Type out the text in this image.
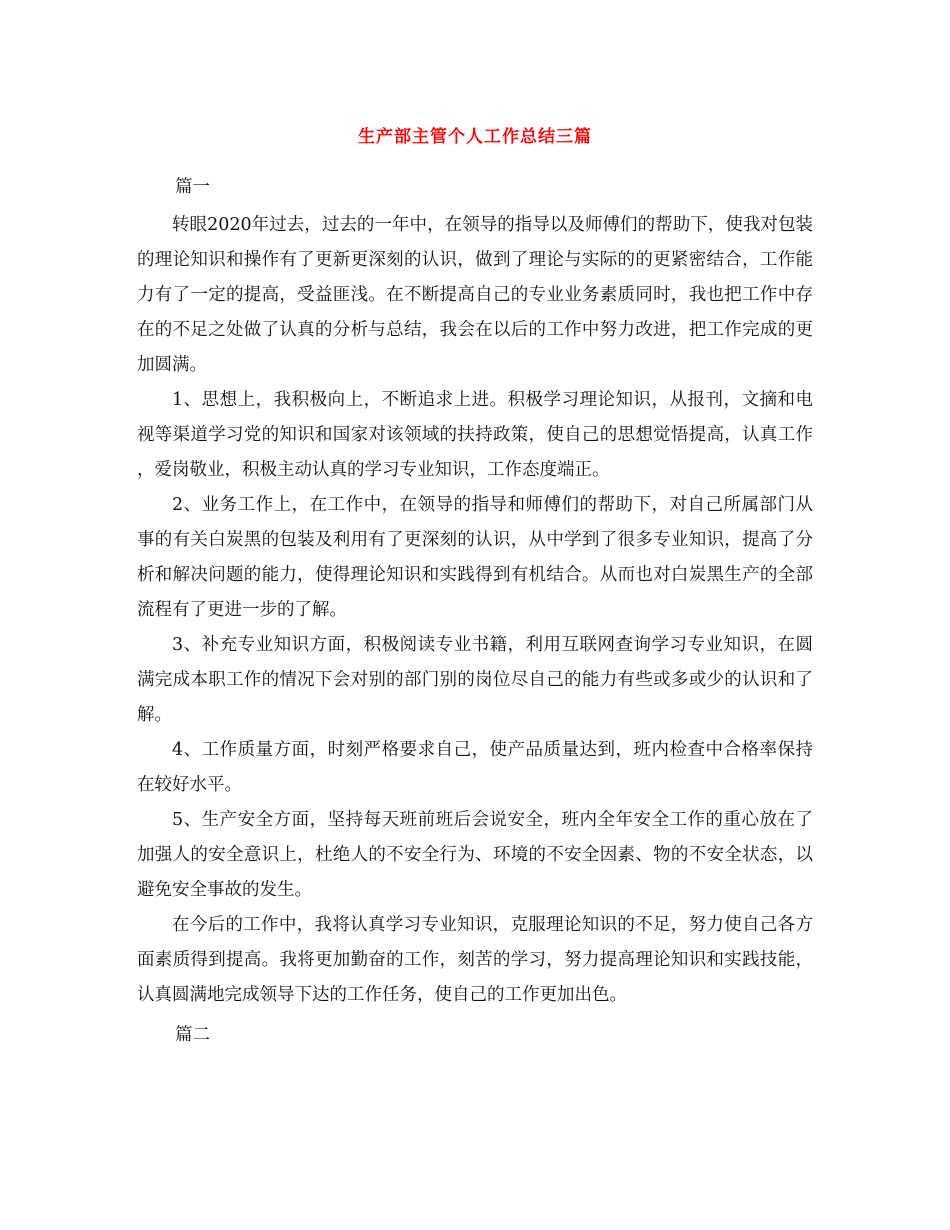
生产部主管个人工作总结三篇

篇一

转眼2020年过去，过去的一年中，在领导的指导以及师傅们的帮助下，使我对包装的理论知识和操作有了更新更深刻的认识，做到了理论与实际的的更紧密结合，工作能力有了一定的提高，受益匪浅。在不断提高自己的专业业务素质同时，我也把工作中存在的不足之处做了认真的分析与总结，我会在以后的工作中努力改进，把工作完成的更加圆满。

1、思想上，我积极向上，不断追求上进。积极学习理论知识，从报刊，文摘和电视等渠道学习党的知识和国家对该领域的扶持政策，使自己的思想觉悟提高，认真工作，爱岗敬业，积极主动认真的学习专业知识，工作态度端正。

2、业务工作上，在工作中，在领导的指导和师傅们的帮助下，对自己所属部门从事的有关白炭黑的包装及利用有了更深刻的认识，从中学到了很多专业知识，提高了分析和解决问题的能力，使得理论知识和实践得到有机结合。从而也对白炭黑生产的全部流程有了更进一步的了解。

3、补充专业知识方面，积极阅读专业书籍，利用互联网查询学习专业知识，在圆满完成本职工作的情况下会对别的部门别的岗位尽自己的能力有些或多或少的认识和了解。

4、工作质量方面，时刻严格要求自己，使产品质量达到，班内检查中合格率保持在较好水平。

5、生产安全方面，坚持每天班前班后会说安全，班内全年安全工作的重心放在了加强人的安全意识上，杜绝人的不安全行为、环境的不安全因素、物的不安全状态，以避免安全事故的发生。

在今后的工作中，我将认真学习专业知识，克服理论知识的不足，努力使自己各方面素质得到提高。我将更加勤奋的工作，刻苦的学习，努力提高理论知识和实践技能，认真圆满地完成领导下达的工作任务，使自己的工作更加出色。

篇二
